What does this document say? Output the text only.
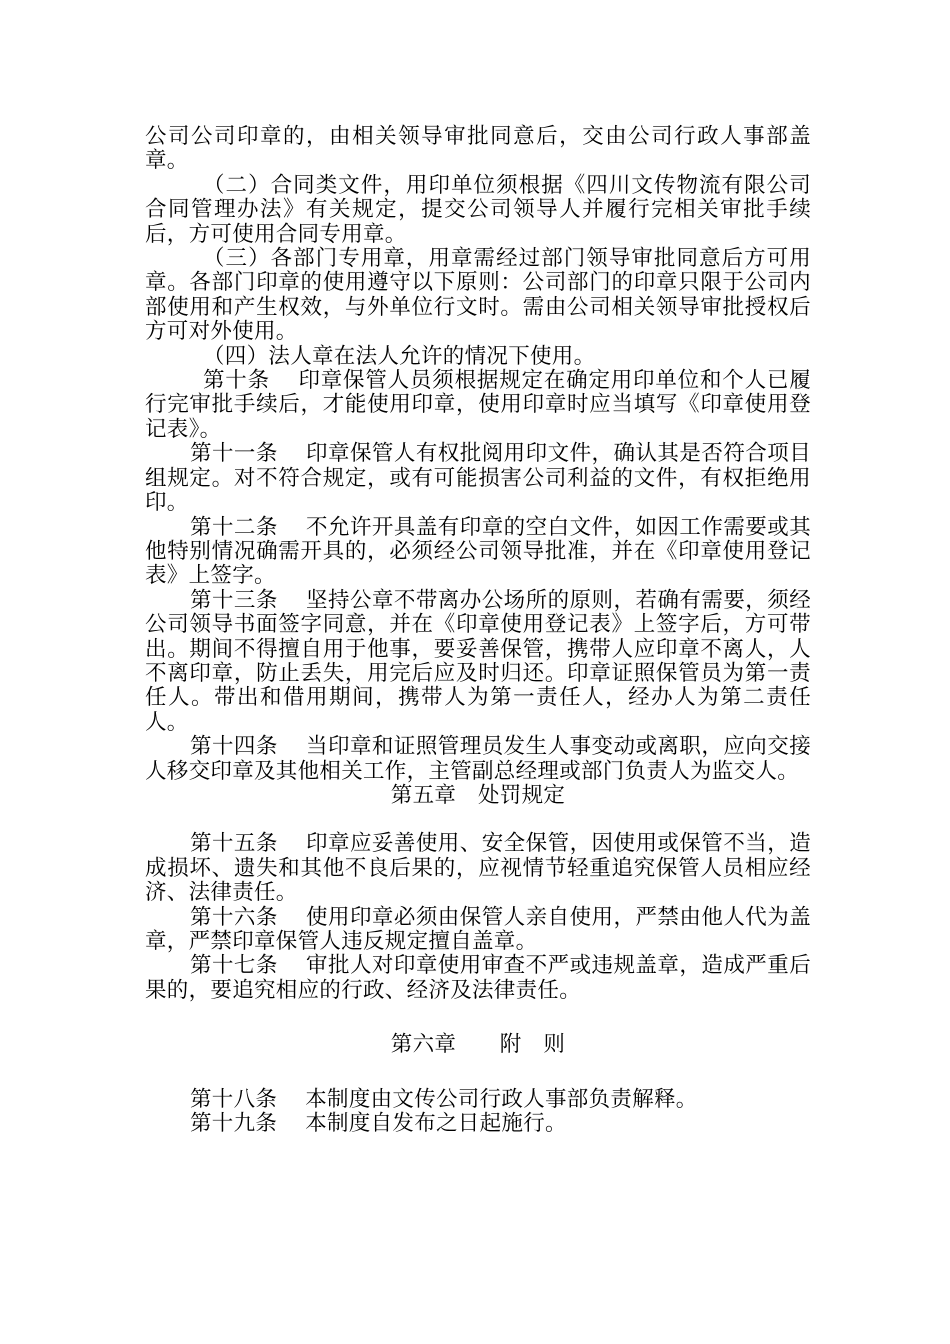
公司公司印章的，由相关领导审批同意后，交由公司行政人事部盖章。

（二）合同类文件，用印单位须根据《四川文传物流有限公司合同管理办法》有关规定，提交公司领导人并履行完相关审批手续后，方可使用合同专用章。

（三）各部门专用章，用章需经过部门领导审批同意后方可用章。各部门印章的使用遵守以下原则：公司部门的印章只限于公司内部使用和产生权效，与外单位行文时。需由公司相关领导审批授权后方可对外使用。

（四）法人章在法人允许的情况下使用。

第十条 印章保管人员须根据规定在确定用印单位和个人已履行完审批手续后，才能使用印章，使用印章时应当填写《印章使用登记表》。

第十一条 印章保管人有权批阅用印文件，确认其是否符合项目组规定。对不符合规定，或有可能损害公司利益的文件，有权拒绝用印。

第十二条 不允许开具盖有印章的空白文件，如因工作需要或其他特别情况确需开具的，必须经公司领导批准，并在《印章使用登记表》上签字。

第十三条 坚持公章不带离办公场所的原则，若确有需要，须经公司领导书面签字同意，并在《印章使用登记表》上签字后，方可带出。期间不得擅自用于他事，要妥善保管，携带人应印章不离人，人不离印章，防止丢失，用完后应及时归还。印章证照保管员为第一责任人。带出和借用期间，携带人为第一责任人，经办人为第二责任人。

第十四条 当印章和证照管理员发生人事变动或离职，应向交接人移交印章及其他相关工作，主管副总经理或部门负责人为监交人。

第五章　处罚规定

第十五条 印章应妥善使用、安全保管，因使用或保管不当，造成损坏、遗失和其他不良后果的，应视情节轻重追究保管人员相应经济、法律责任。

第十六条 使用印章必须由保管人亲自使用，严禁由他人代为盖章，严禁印章保管人违反规定擅自盖章。

第十七条 审批人对印章使用审查不严或违规盖章，造成严重后果的，要追究相应的行政、经济及法律责任。

第六章　　附　则

第十八条 本制度由文传公司行政人事部负责解释。

第十九条 本制度自发布之日起施行。
